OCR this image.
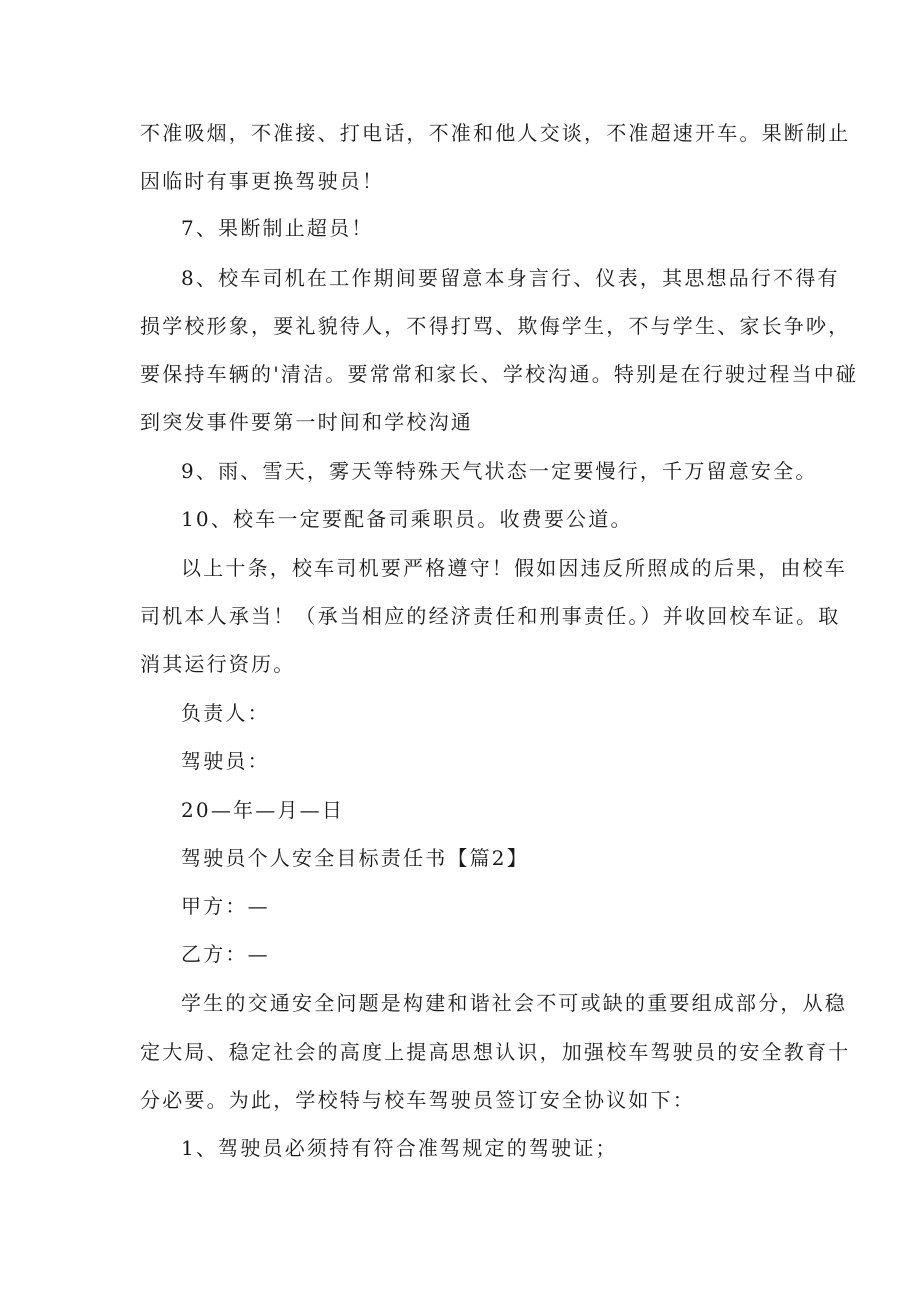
不准吸烟，不准接、打电话，不准和他人交谈，不准超速开车。果断制止
因临时有事更换驾驶员！
7、果断制止超员！
8、校车司机在工作期间要留意本身言行、仪表，其思想品行不得有
损学校形象，要礼貌待人，不得打骂、欺侮学生，不与学生、家长争吵，
要保持车辆的'清洁。要常常和家长、学校沟通。特别是在行驶过程当中碰
到突发事件要第一时间和学校沟通
9、雨、雪天，雾天等特殊天气状态一定要慢行，千万留意安全。
10、校车一定要配备司乘职员。收费要公道。
以上十条，校车司机要严格遵守！假如因违反所照成的后果，由校车
司机本人承当！（承当相应的经济责任和刑事责任。）并收回校车证。取
消其运行资历。
负责人：
驾驶员：
20—年—月—日
驾驶员个人安全目标责任书【篇2】
甲方：—
乙方：—
学生的交通安全问题是构建和谐社会不可或缺的重要组成部分，从稳
定大局、稳定社会的高度上提高思想认识，加强校车驾驶员的安全教育十
分必要。为此，学校特与校车驾驶员签订安全协议如下：
1、驾驶员必须持有符合准驾规定的驾驶证；
